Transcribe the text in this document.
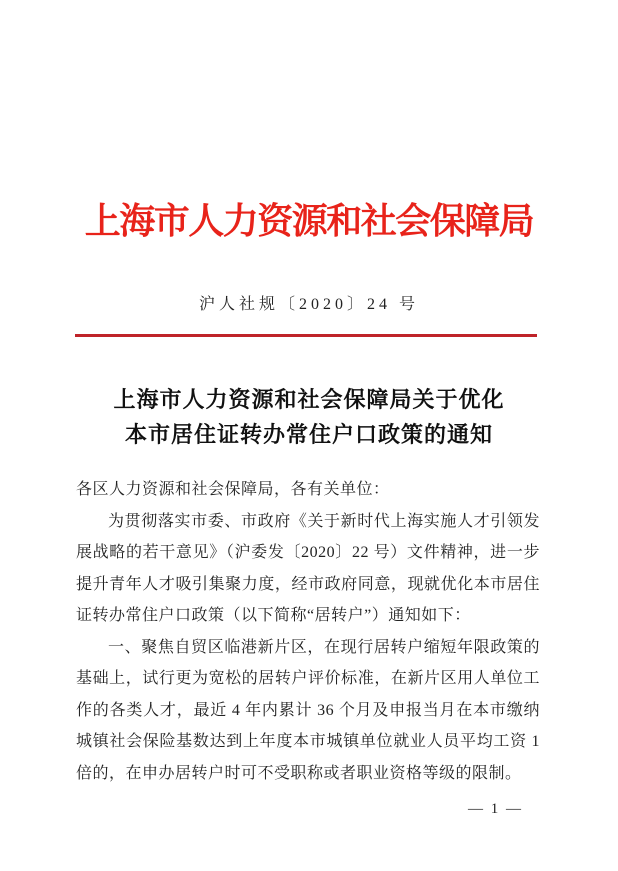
上海市人力资源和社会保障局
沪人社规〔2020〕24 号
上海市人力资源和社会保障局关于优化
本市居住证转办常住户口政策的通知

各区人力资源和社会保障局，各有关单位：

为贯彻落实市委、市政府《关于新时代上海实施人才引领发展战略的若干意见》（沪委发〔2020〕22 号）文件精神，进一步提升青年人才吸引集聚力度，经市政府同意，现就优化本市居住证转办常住户口政策（以下简称“居转户”）通知如下：

一、聚焦自贸区临港新片区，在现行居转户缩短年限政策的基础上，试行更为宽松的居转户评价标准，在新片区用人单位工作的各类人才，最近 4 年内累计 36 个月及申报当月在本市缴纳城镇社会保险基数达到上年度本市城镇单位就业人员平均工资 1 倍的，在申办居转户时可不受职称或者职业资格等级的限制。

— 1 —
